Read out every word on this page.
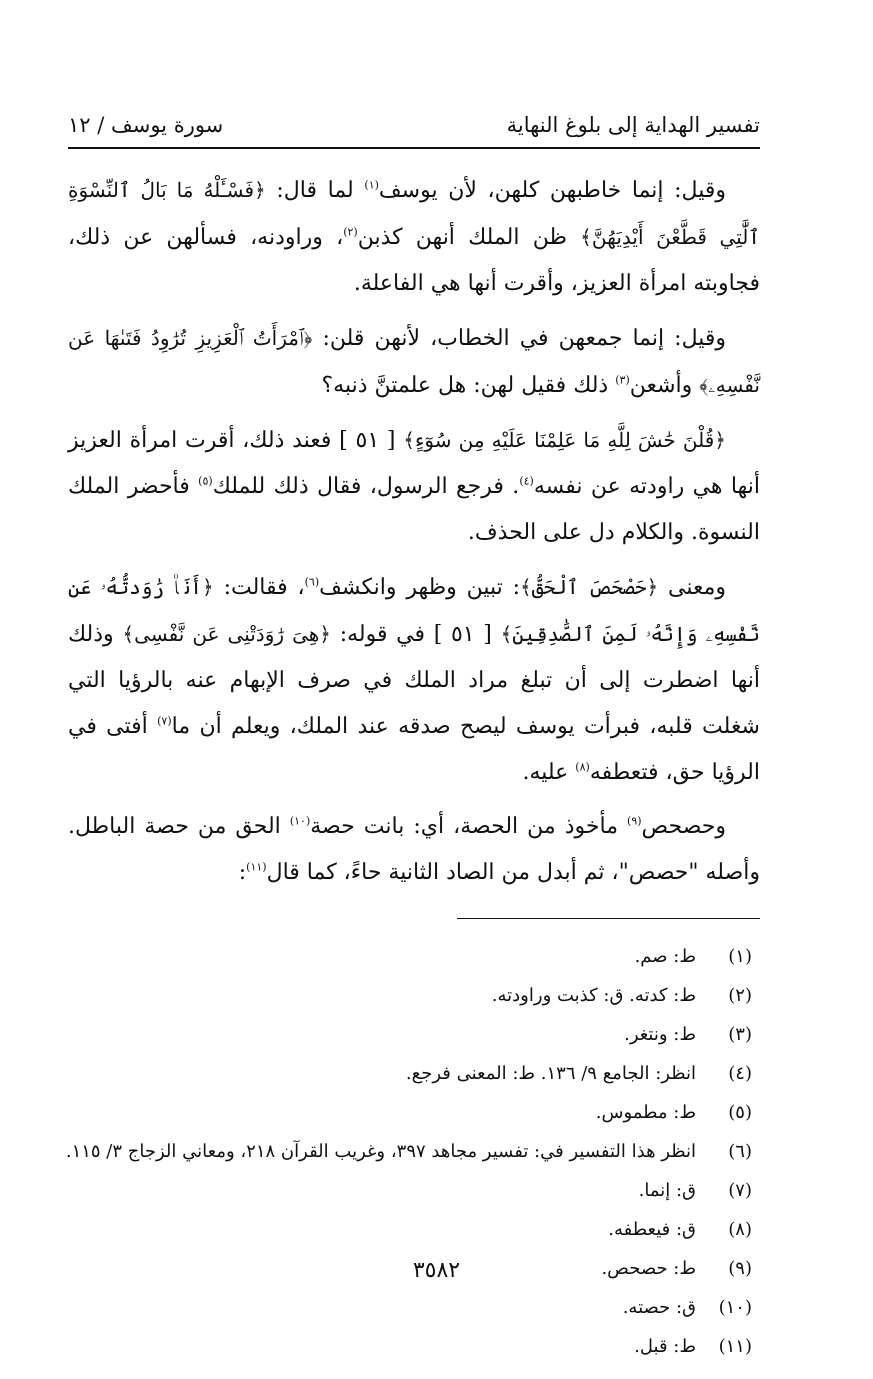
تفسير الهداية إلى بلوغ النهاية
سورة يوسف / ١٢

وقيل: إنما خاطبهن كلهن، لأن يوسف$^{(١)}$ لما قال: ﴿فَسْـَٔلْهُ مَا بَالُ ٱلنِّسْوَةِ ٱلَّٰتِي قَطَّعْنَ أَيْدِيَهُنَّ﴾ ظن الملك أنهن كذبن$^{(٢)}$، وراودنه، فسألهن عن ذلك، فجاوبته امرأة العزيز، وأقرت أنها هي الفاعلة.

وقيل: إنما جمعهن في الخطاب، لأنهن قلن: ﴿ٱمْرَأَتُ ٱلْعَزِيزِ تُرَٰوِدُ فَتَىٰهَا عَن نَّفْسِهِۦ﴾ وأشعن$^{(٣)}$ ذلك فقيل لهن: هل علمتنَّ ذنبه؟

﴿قُلْنَ حَٰشَ لِلَّهِ مَا عَلِمْنَا عَلَيْهِ مِن سُوٓءٍ﴾ [ ٥١ ] فعند ذلك، أقرت امرأة العزيز أنها هي راودته عن نفسه$^{(٤)}$. فرجع الرسول، فقال ذلك للملك$^{(٥)}$ فأحضر الملك النسوة. والكلام دل على الحذف.

ومعنى ﴿حَصْحَصَ ٱلْحَقُّ﴾: تبين وظهر وانكشف$^{(٦)}$، فقالت: ﴿أَنَا۠ رَٰوَدتُّهُۥ عَن نَّفْسِهِۦ وَإِنَّهُۥ لَمِنَ ٱلصَّٰدِقِينَ﴾ [ ٥١ ] في قوله: ﴿هِىَ رَٰوَدَتْنِى عَن نَّفْسِى﴾ وذلك أنها اضطرت إلى أن تبلغ مراد الملك في صرف الإبهام عنه بالرؤيا التي شغلت قلبه، فبرأت يوسف ليصح صدقه عند الملك، ويعلم أن ما$^{(٧)}$ أفتى في الرؤيا حق، فتعطفه$^{(٨)}$ عليه.

وحصحص$^{(٩)}$ مأخوذ من الحصة، أي: بانت حصة$^{(١٠)}$ الحق من حصة الباطل. وأصله "حصص"، ثم أبدل من الصاد الثانية حاءً، كما قال$^{(١١)}$:

(١)ط: صم.
(٢)ط: كدته. ق: كذبت وراودته.
(٣)ط: ونتغر.
(٤)انظر: الجامع ٩/ ١٣٦. ط: المعنى فرجع.
(٥)ط: مطموس.
(٦)انظر هذا التفسير في: تفسير مجاهد ٣٩٧، وغريب القرآن ٢١٨، ومعاني الزجاج ٣/ ١١٥.
(٧)ق: إنما.
(٨)ق: فيعطفه.
(٩)ط: حصحص.
(١٠)ق: حصته.
(١١)ط: قبل.
٣٥٨٢
